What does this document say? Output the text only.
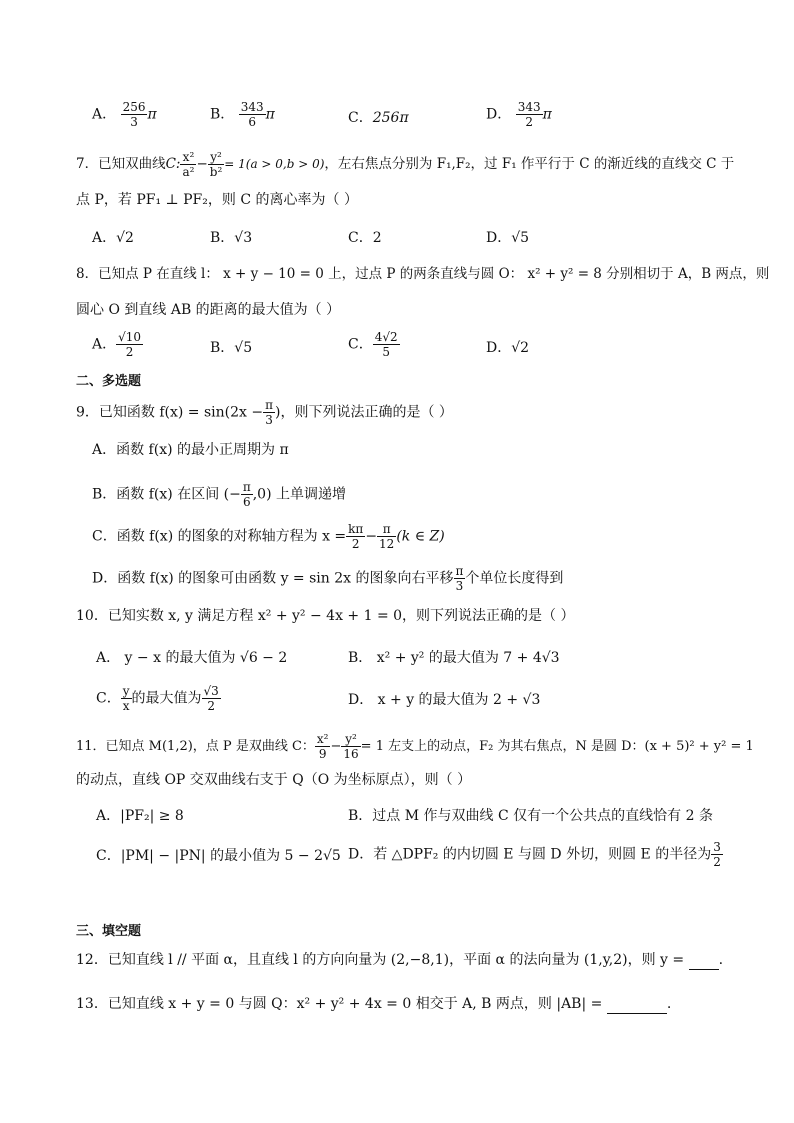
A． $\frac{256}{3}$ π	B． $\frac{343}{6}$ π	C．256π	D． $\frac{343}{2}$ π
7．已知双曲线C: $\frac{\text{x²}}{\text{a²}} - \frac{\text{y²}}{\text{b²}} = 1(a > 0,b > 0)$，左右焦点分别为 F₁,F₂，过 F₁ 作平行于 C 的渐近线的直线交 C 于
点 P，若 PF₁ ⊥ PF₂，则 C 的离心率为（ ）
A．√2	B．√3	C．2	D．√5
8．已知点 P 在直线 l： x + y − 10 = 0 上，过点 P 的两条直线与圆 O： x² + y² = 8 分别相切于 A，B 两点，则
圆心 O 到直线 AB 的距离的最大值为（ ）
A． $\frac{√10}{2}$	B．√5	C． $\frac{4√2}{5}$	D．√2
二、多选题
9．已知函数 $f(x) = \sin(2x - \frac{\pi}{3}$ )，则下列说法正确的是（ ）
A．函数 f(x) 的最小正周期为 π
B．函数 f(x) 在区间 (− $\frac{\pi}{6} ,0$) 上单调递增
C．函数 f(x) 的图象的对称轴方程为 $x = \frac{k\pi}{2} - \frac{\pi}{12} (k$ ∈ Z)
D．函数 f(x) 的图象可由函数 y = sin 2x 的图象向右平移 $\frac{\pi}{3}$ 个单位长度得到
10．已知实数 x, y 满足方程 x² + y² − 4x + 1 = 0，则下列说法正确的是（ ）
A． y − x 的最大值为 √6 − 2	B． x² + y² 的最大值为 7 + 4√3
C． $\frac{y}{x}$ 的最大值为 $\frac{√3}{2}$	D． x + y 的最大值为 2 + √3
11．已知点 M(1,2)，点 P 是双曲线 C： $\frac{\text{x²}}{9} - \frac{\text{y²}}{16} = 1$ 左支上的动点，F₂ 为其右焦点，N 是圆 D：(x + 5)² + y² = 1
的动点，直线 OP 交双曲线右支于 Q（O 为坐标原点），则（ ）
A．|PF₂| ≥ 8	B．过点 M 作与双曲线 C 仅有一个公共点的直线恰有 2 条
C．|PM| − |PN| 的最小值为 5 − 2√5 D．若 △DPF₂ 的内切圆 E 与圆 D 外切，则圆 E 的半径为 $\frac{3}{2}$
三、填空题
12．已知直线 l // 平面 α，且直线 l 的方向向量为 (2,−8,1)，平面 α 的法向量为 (1,y,2)，则 y = .
13．已知直线 x + y = 0 与圆 Q：x² + y² + 4x = 0 相交于 A, B 两点，则 |AB| =	.
